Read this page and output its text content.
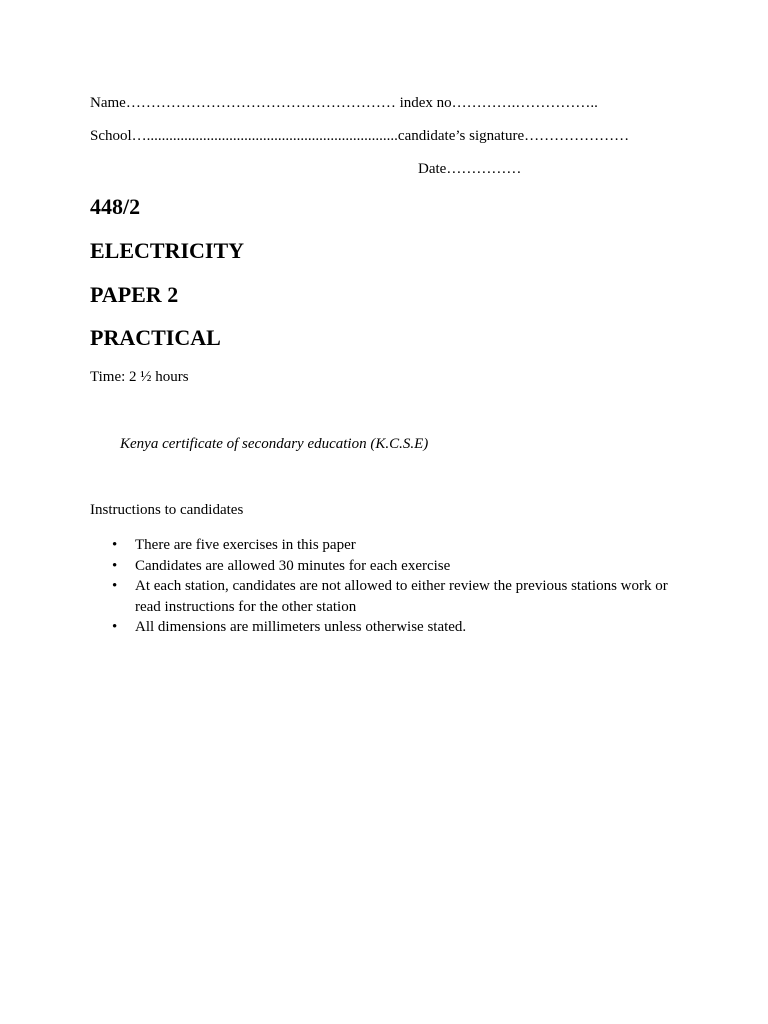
Name……………………………………………… index no………….……………..
School…...................................................................candidate’s signature…………………
Date……………
448/2
ELECTRICITY
PAPER 2
PRACTICAL
Time: 2 ½ hours
Kenya certificate of secondary education (K.C.S.E)
Instructions to candidates
• There are five exercises in this paper
• Candidates are allowed 30 minutes for each exercise
• At each station, candidates are not allowed to either review the previous stations work or read instructions for the other station
• All dimensions are millimeters unless otherwise stated.
